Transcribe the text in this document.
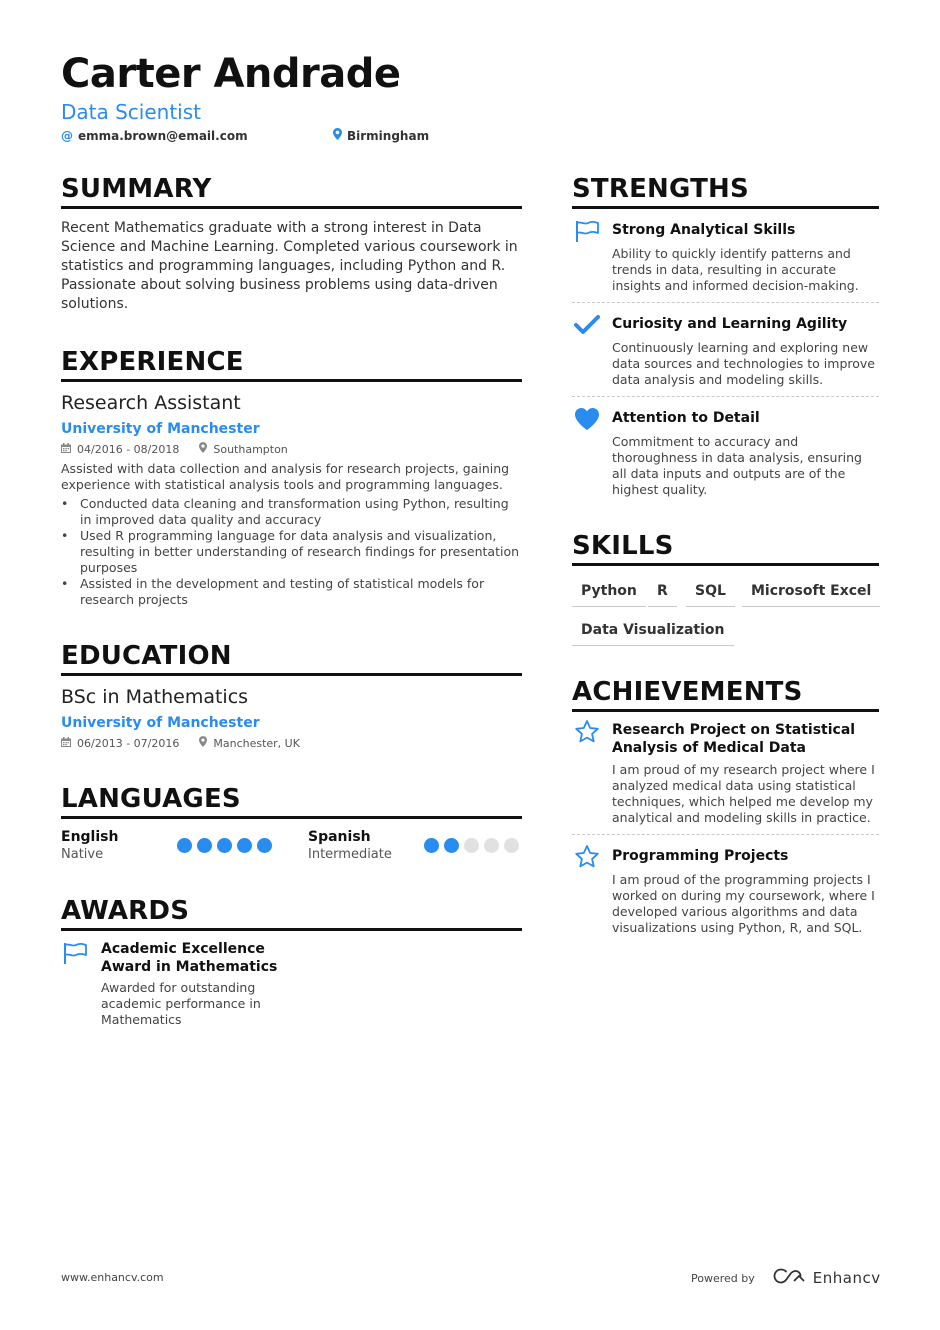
Carter Andrade
Data Scientist
@ emma.brown@email.com	Birmingham
SUMMARY
Recent Mathematics graduate with a strong interest in Data Science and Machine Learning. Completed various coursework in statistics and programming languages, including Python and R. Passionate about solving business problems using data-driven solutions.
EXPERIENCE
Research Assistant
University of Manchester
04/2016 - 08/2018	Southampton
Assisted with data collection and analysis for research projects, gaining experience with statistical analysis tools and programming languages.
• Conducted data cleaning and transformation using Python, resulting in improved data quality and accuracy
• Used R programming language for data analysis and visualization, resulting in better understanding of research findings for presentation purposes
• Assisted in the development and testing of statistical models for research projects
EDUCATION
BSc in Mathematics
University of Manchester
06/2013 - 07/2016	Manchester, UK
LANGUAGES
English
Native
Spanish
Intermediate
AWARDS
Academic Excellence Award in Mathematics
Awarded for outstanding academic performance in Mathematics
STRENGTHS
Strong Analytical Skills
Ability to quickly identify patterns and trends in data, resulting in accurate insights and informed decision-making.
Curiosity and Learning Agility
Continuously learning and exploring new data sources and technologies to improve data analysis and modeling skills.
Attention to Detail
Commitment to accuracy and thoroughness in data analysis, ensuring all data inputs and outputs are of the highest quality.
SKILLS
Python	R	SQL	Microsoft Excel
Data Visualization
ACHIEVEMENTS
Research Project on Statistical Analysis of Medical Data
I am proud of my research project where I analyzed medical data using statistical techniques, which helped me develop my analytical and modeling skills in practice.
Programming Projects
I am proud of the programming projects I worked on during my coursework, where I developed various algorithms and data visualizations using Python, R, and SQL.
www.enhancv.com	Powered by	Enhancv
